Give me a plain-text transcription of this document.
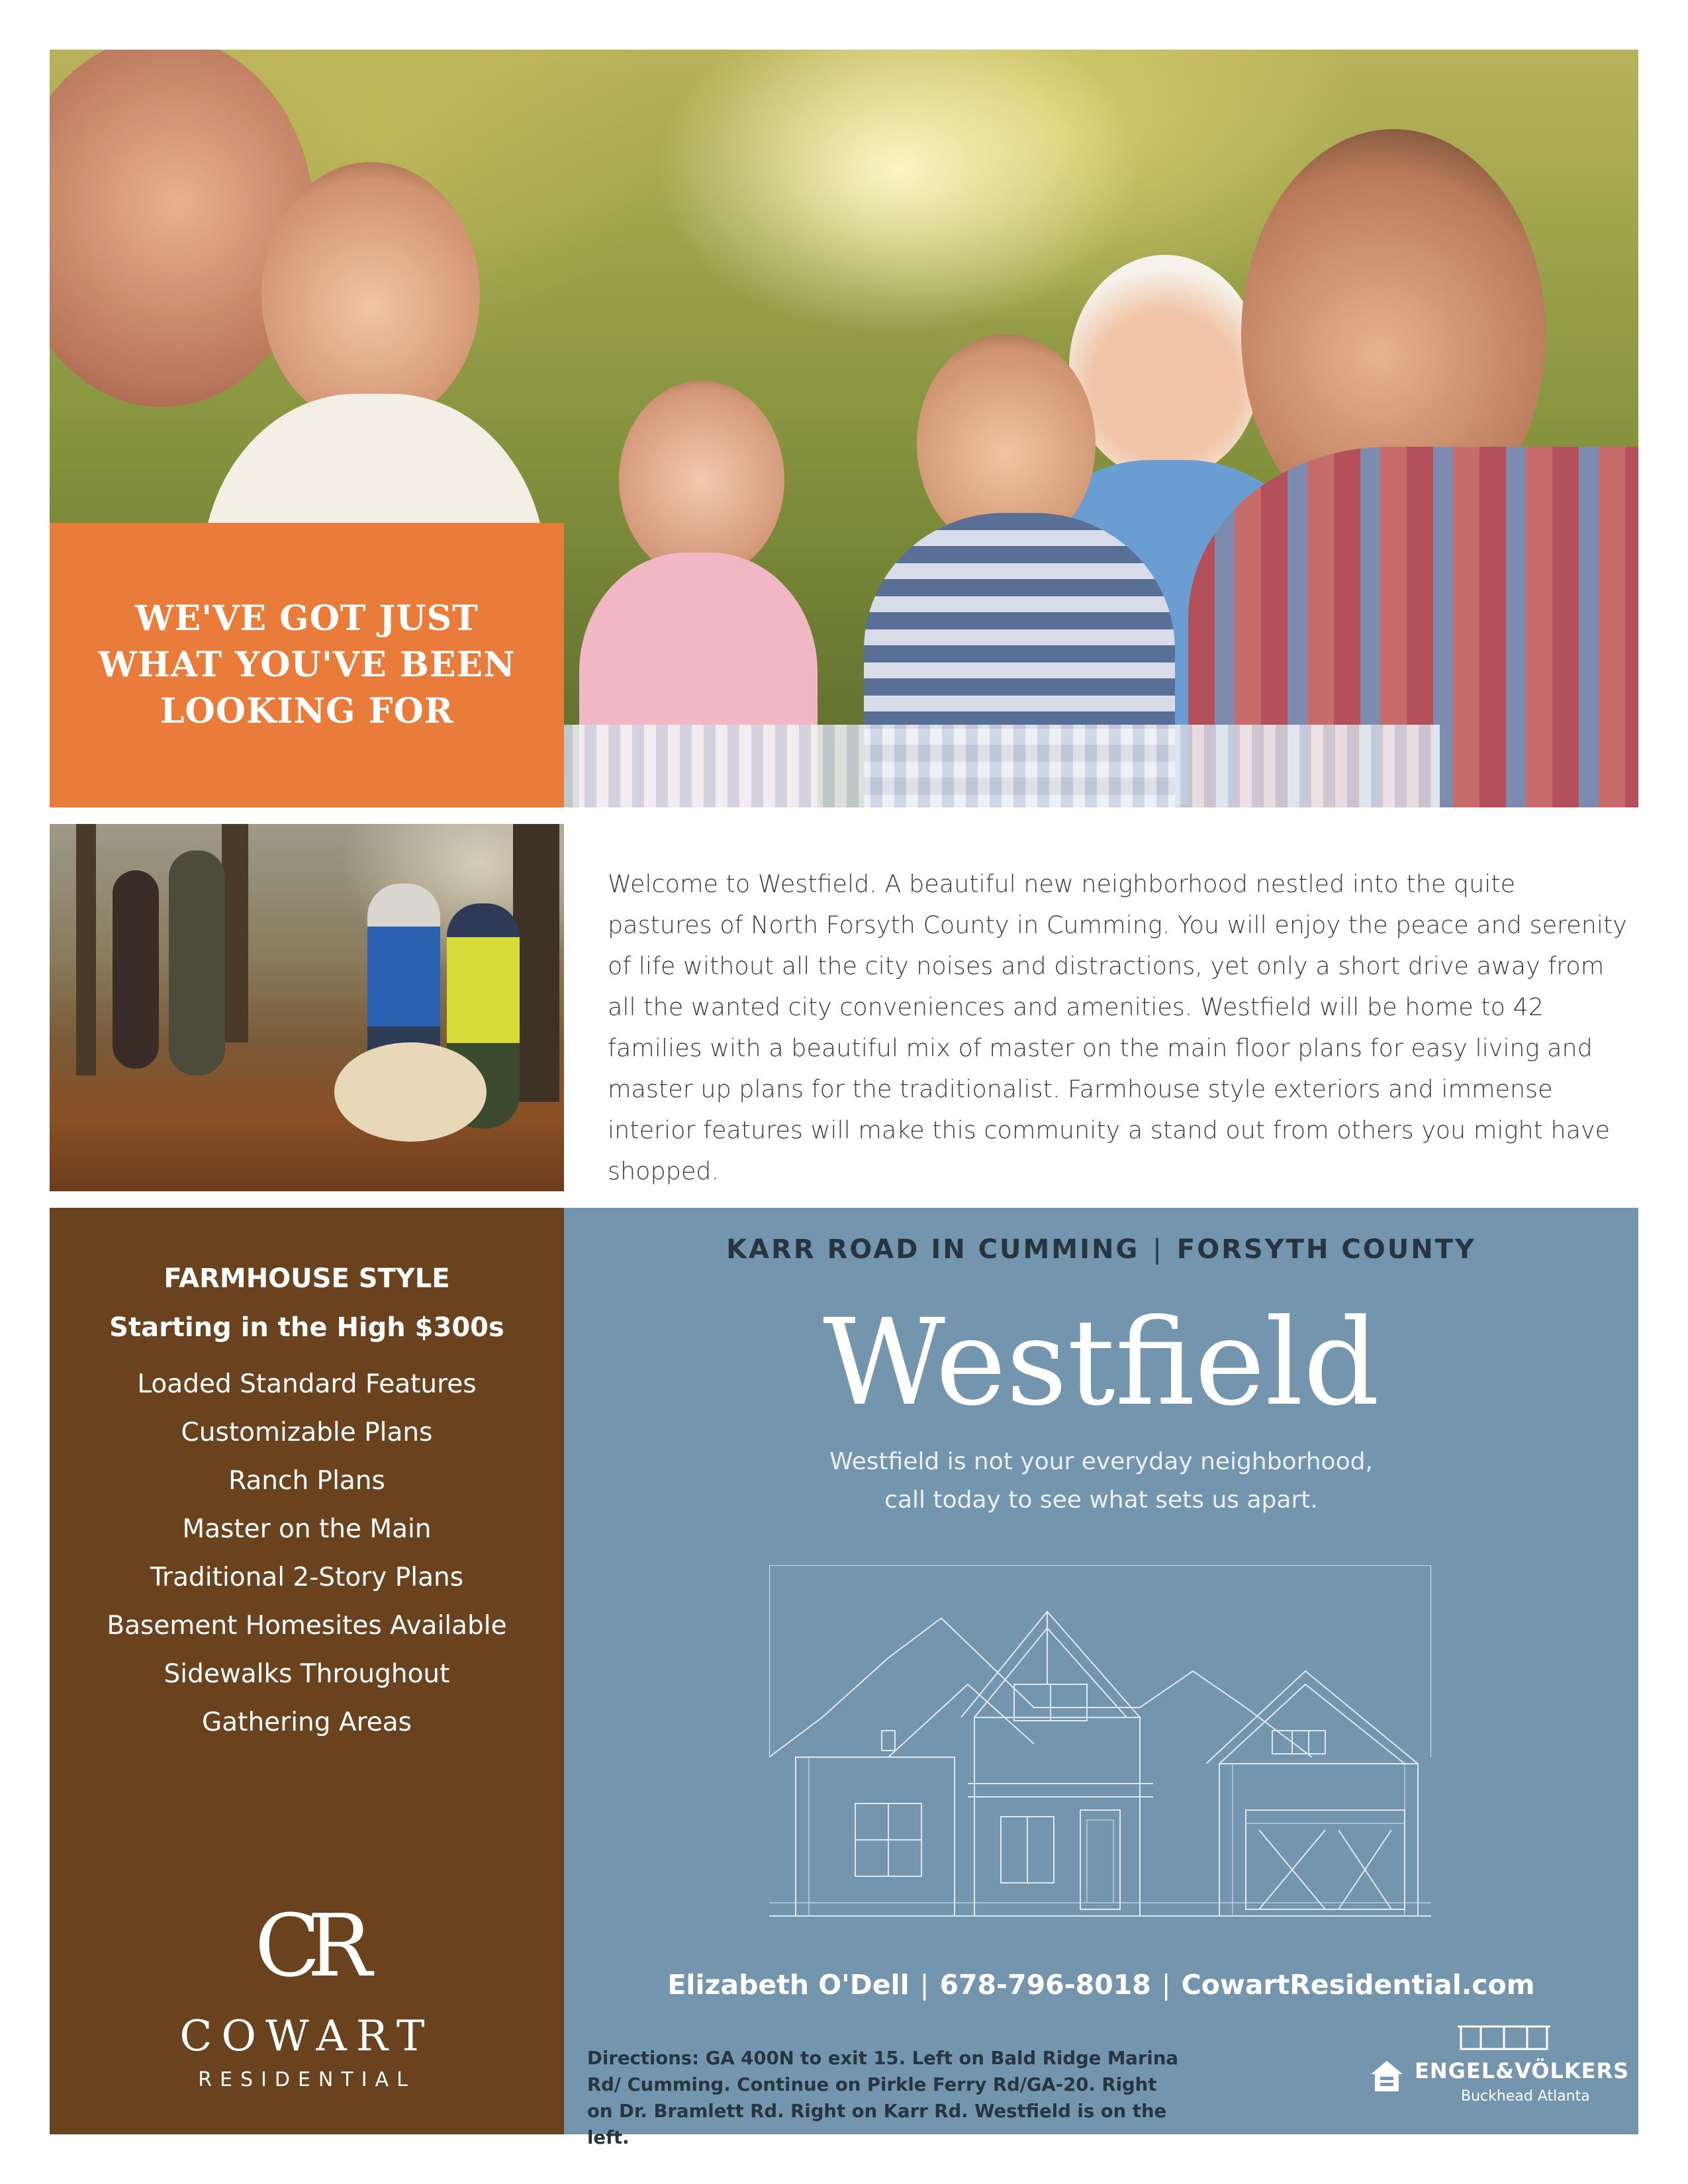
WE'VE GOT JUST
WHAT YOU'VE BEEN
LOOKING FOR
Welcome to Westfield. A beautiful new neighborhood nestled into the quite pastures of North Forsyth County in Cumming. You will enjoy the peace and serenity of life without all the city noises and distractions, yet only a short drive away from all the wanted city conveniences and amenities. Westfield will be home to 42 families with a beautiful mix of master on the main floor plans for easy living and master up plans for the traditionalist. Farmhouse style exteriors and immense interior features will make this community a stand out from others you might have shopped.
FARMHOUSE STYLE
Starting in the High $300s
Loaded Standard Features
Customizable Plans
Ranch Plans
Master on the Main
Traditional 2-Story Plans
Basement Homesites Available
Sidewalks Throughout
Gathering Areas
CR
COWART
RESIDENTIAL
KARR ROAD IN CUMMING | FORSYTH COUNTY
Westfield
Westfield is not your everyday neighborhood,
call today to see what sets us apart.
Elizabeth O'Dell | 678-796-8018 | CowartResidential.com
Directions: GA 400N to exit 15. Left on Bald Ridge Marina Rd/ Cumming. Continue on Pirkle Ferry Rd/GA-20. Right on Dr. Bramlett Rd. Right on Karr Rd. Westfield is on the left.
ENGEL&VÖLKERS
Buckhead Atlanta
